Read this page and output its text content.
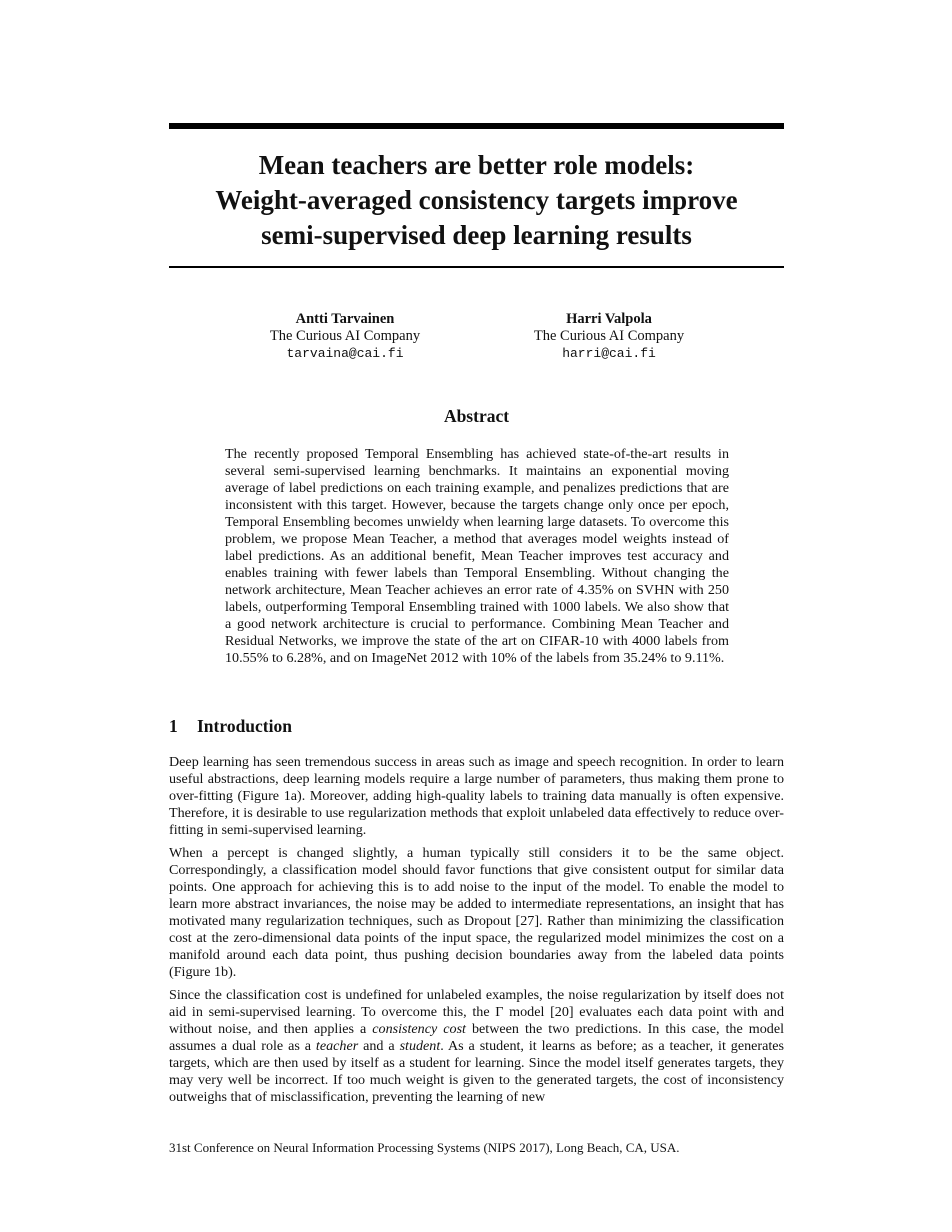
Mean teachers are better role models:
Weight-averaged consistency targets improve
semi-supervised deep learning results
Antti Tarvainen
The Curious AI Company
tarvaina@cai.fi
Harri Valpola
The Curious AI Company
harri@cai.fi
Abstract

The recently proposed Temporal Ensembling has achieved state-of-the-art results in several semi-supervised learning benchmarks. It maintains an exponential moving average of label predictions on each training example, and penalizes predictions that are inconsistent with this target. However, because the targets change only once per epoch, Temporal Ensembling becomes unwieldy when learning large datasets. To overcome this problem, we propose Mean Teacher, a method that averages model weights instead of label predictions. As an additional benefit, Mean Teacher improves test accuracy and enables training with fewer labels than Temporal Ensembling. Without changing the network architecture, Mean Teacher achieves an error rate of 4.35% on SVHN with 250 labels, outperforming Temporal Ensembling trained with 1000 labels. We also show that a good network architecture is crucial to performance. Combining Mean Teacher and Residual Networks, we improve the state of the art on CIFAR-10 with 4000 labels from 10.55% to 6.28%, and on ImageNet 2012 with 10% of the labels from 35.24% to 9.11%.

1 Introduction

Deep learning has seen tremendous success in areas such as image and speech recognition. In order to learn useful abstractions, deep learning models require a large number of parameters, thus making them prone to over-fitting (Figure 1a). Moreover, adding high-quality labels to training data manually is often expensive. Therefore, it is desirable to use regularization methods that exploit unlabeled data effectively to reduce over-fitting in semi-supervised learning.

When a percept is changed slightly, a human typically still considers it to be the same object. Correspondingly, a classification model should favor functions that give consistent output for similar data points. One approach for achieving this is to add noise to the input of the model. To enable the model to learn more abstract invariances, the noise may be added to intermediate representations, an insight that has motivated many regularization techniques, such as Dropout [27]. Rather than minimizing the classification cost at the zero-dimensional data points of the input space, the regularized model minimizes the cost on a manifold around each data point, thus pushing decision boundaries away from the labeled data points (Figure 1b).

Since the classification cost is undefined for unlabeled examples, the noise regularization by itself does not aid in semi-supervised learning. To overcome this, the Γ model [20] evaluates each data point with and without noise, and then applies a consistency cost between the two predictions. In this case, the model assumes a dual role as a teacher and a student. As a student, it learns as before; as a teacher, it generates targets, which are then used by itself as a student for learning. Since the model itself generates targets, they may very well be incorrect. If too much weight is given to the generated targets, the cost of inconsistency outweighs that of misclassification, preventing the learning of new

31st Conference on Neural Information Processing Systems (NIPS 2017), Long Beach, CA, USA.
